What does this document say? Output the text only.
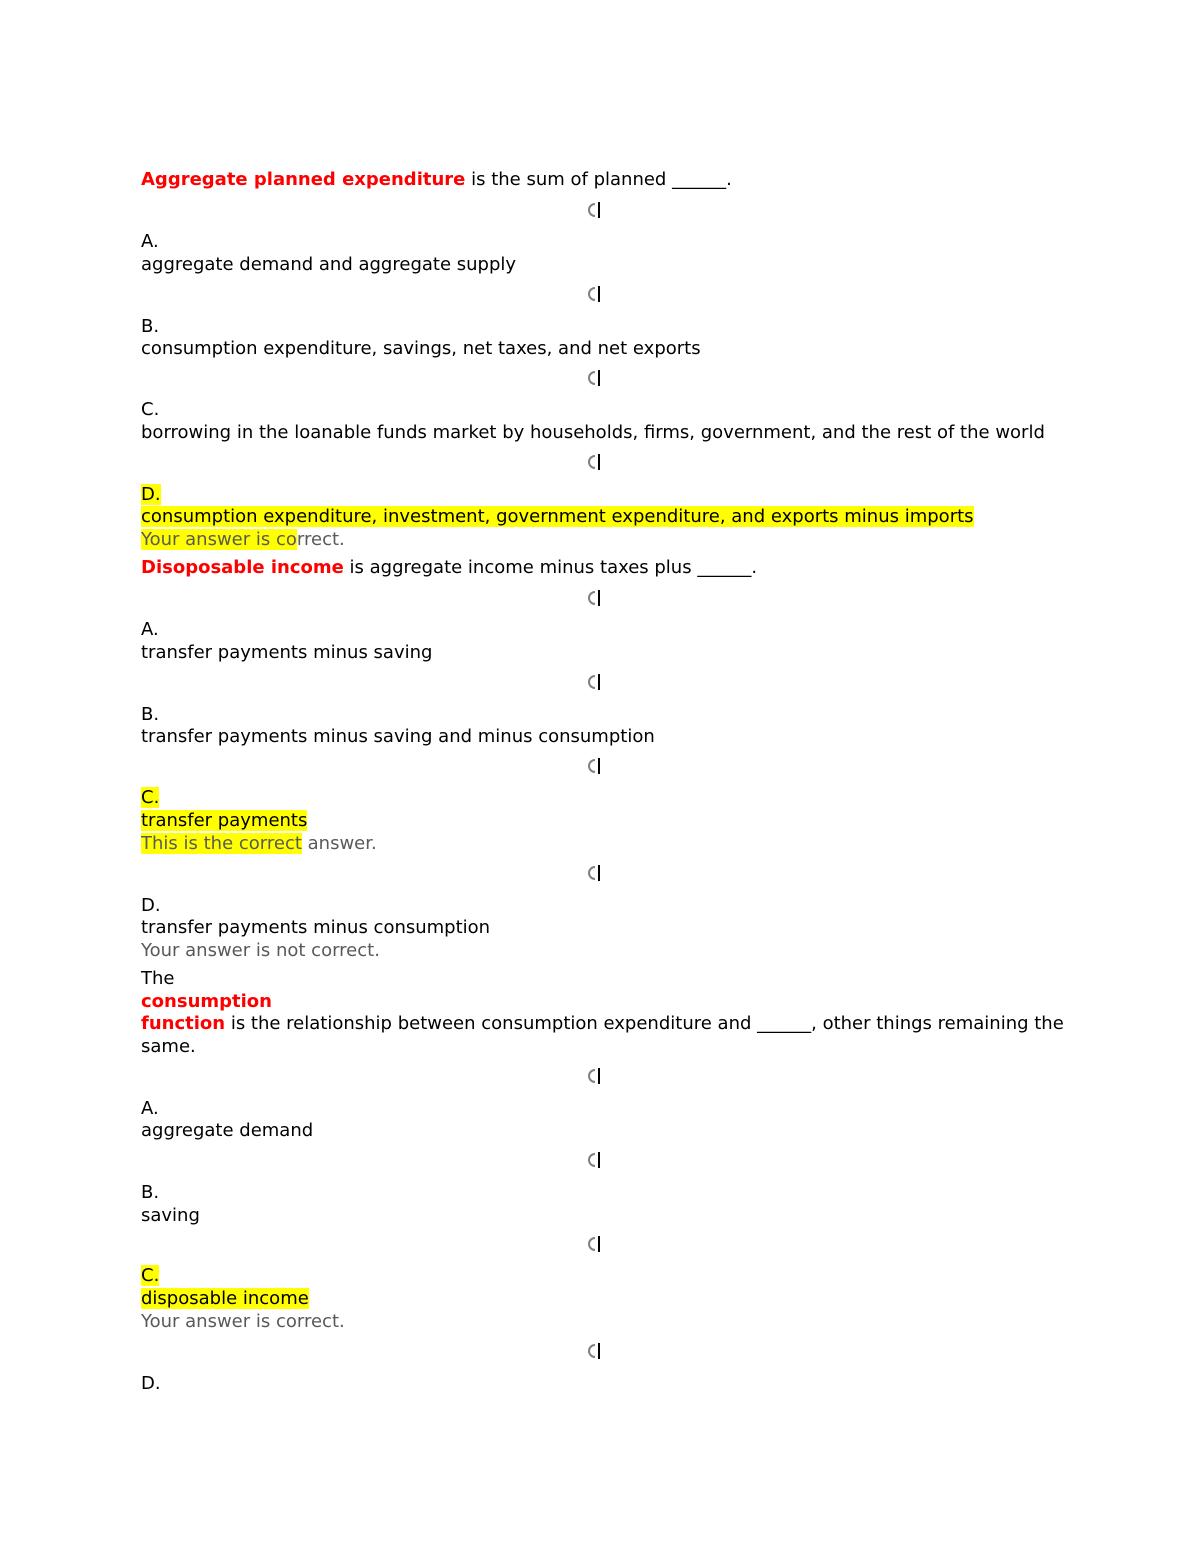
Aggregate planned expenditure is the sum of planned ______.
A.
aggregate demand and aggregate supply
B.
consumption expenditure, savings, net taxes, and net exports
C.
borrowing in the loanable funds market by households, firms, government, and the rest of the world
D.
consumption expenditure, investment, government expenditure, and exports minus imports
Your answer is correct.
Disoposable income is aggregate income minus taxes plus ______.
A.
transfer payments minus saving
B.
transfer payments minus saving and minus consumption
C.
transfer payments
This is the correct answer.
D.
transfer payments minus consumption
Your answer is not correct.
The
consumption
function is the relationship between consumption expenditure and ______, other things remaining the
same.
A.
aggregate demand
B.
saving
C.
disposable income
Your answer is correct.
D.
